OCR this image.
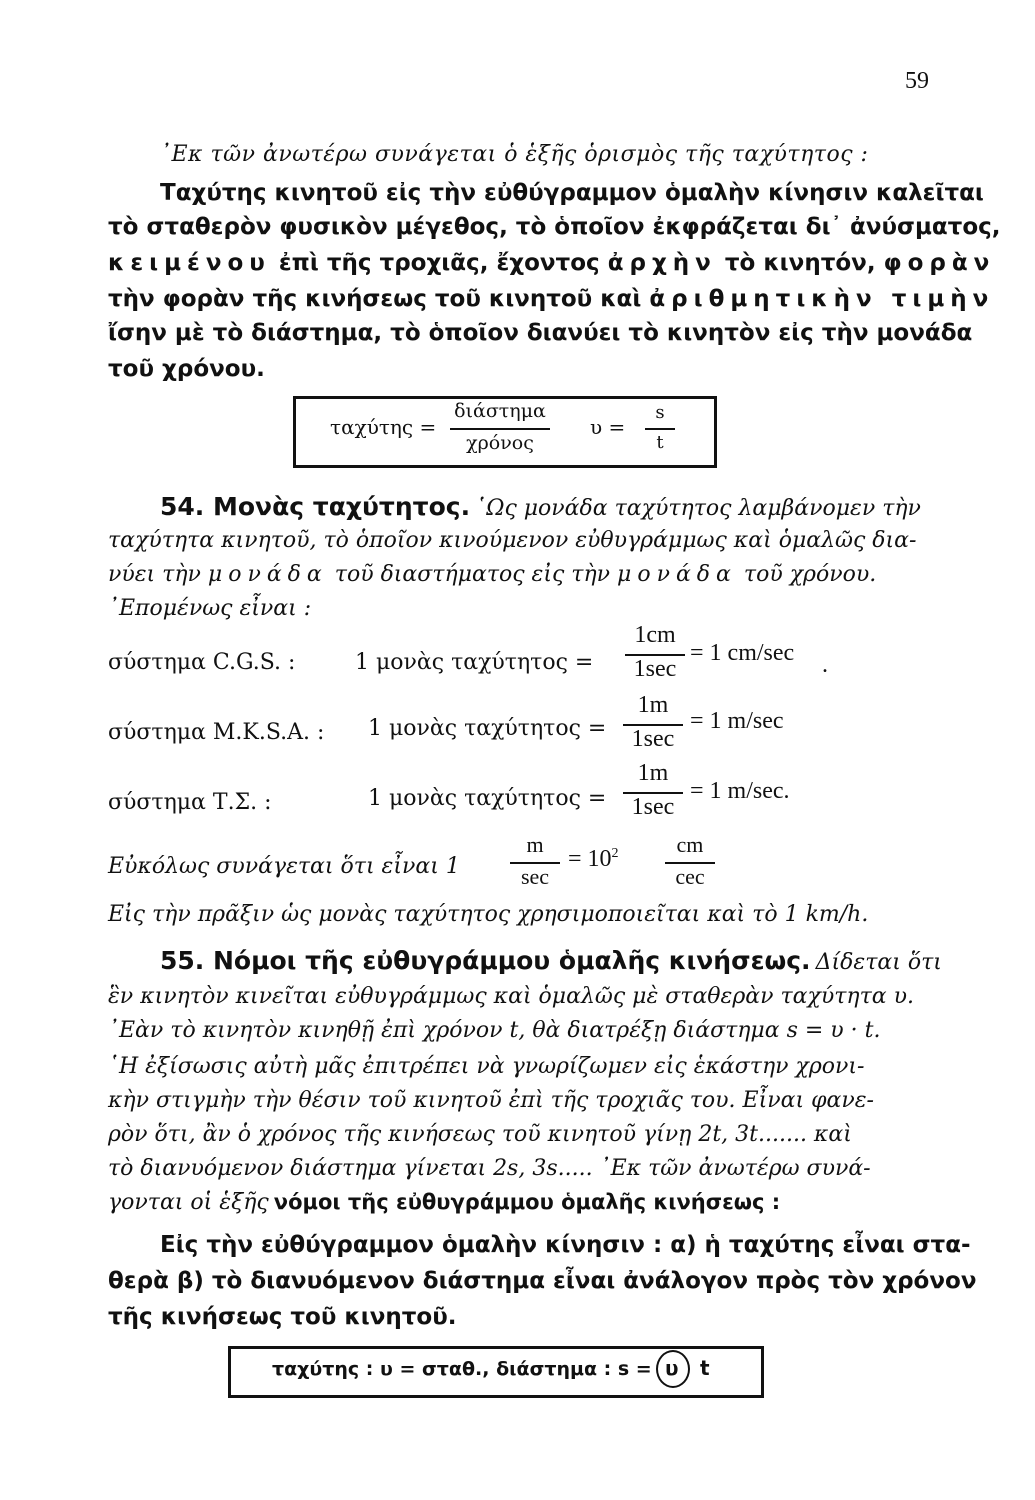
59
᾽Εκ τῶν ἀνωτέρω συνάγεται ὁ ἑξῆς ὁρισμὸς τῆς ταχύτητος :
Ταχύτης κινητοῦ εἰς τὴν εὐθύγραμμον ὁμαλὴν κίνησιν καλεῖται
τὸ σταθερὸν φυσικὸν μέγεθος, τὸ ὁποῖον ἐκφράζεται δι᾽ ἀνύσματος,
κειμένου ἐπὶ τῆς τροχιᾶς, ἔχοντος ἀρχὴν τὸ κινητόν, φορὰν
τὴν φορὰν τῆς κινήσεως τοῦ κινητοῦ καὶ ἀριθμητικὴν τιμὴν
ἴσην μὲ τὸ διάστημα, τὸ ὁποῖον διανύει τὸ κινητὸν εἰς τὴν μονάδα
τοῦ χρόνου.
ταχύτης =
διάστημα
χρόνος
υ =
s
t
54. Μονὰς ταχύτητος. ῾Ως μονάδα ταχύτητος λαμβάνομεν τὴν
ταχύτητα κινητοῦ, τὸ ὁποῖον κινούμενον εὐθυγράμμως καὶ ὁμαλῶς δια-
νύει τὴν μονάδα τοῦ διαστήματος εἰς τὴν μονάδα τοῦ χρόνου.
᾽Επομένως εἶναι :
σύστημα C.G.S. :	1 μονὰς ταχύτητος =
1cm
1sec
= 1 cm/sec .
σύστημα M.K.S.A. : 1 μονὰς ταχύτητος =
1m
1sec
= 1 m/sec
σύστημα Τ.Σ. :	1 μονὰς ταχύτητος =
1m
1sec
= 1 m/sec.
Εὐκόλως συνάγεται ὅτι εἶναι 1
m
sec
= $10^2$	cm
cec
Εἰς τὴν πρᾶξιν ὡς μονὰς ταχύτητος χρησιμοποιεῖται καὶ τὸ 1 km/h.
55. Νόμοι τῆς εὐθυγράμμου ὁμαλῆς κινήσεως. Δίδεται ὅτι
ἓν κινητὸν κινεῖται εὐθυγράμμως καὶ ὁμαλῶς μὲ σταθερὰν ταχύτητα υ.
᾽Εὰν τὸ κινητὸν κινηθῇ ἐπὶ χρόνον t, θὰ διατρέξῃ διάστημα s = υ · t.
῾Η ἐξίσωσις αὐτὴ μᾶς ἐπιτρέπει νὰ γνωρίζωμεν εἰς ἑκάστην χρονι-
κὴν στιγμὴν τὴν θέσιν τοῦ κινητοῦ ἐπὶ τῆς τροχιᾶς του. Εἶναι φανε-
ρὸν ὅτι, ἂν ὁ χρόνος τῆς κινήσεως τοῦ κινητοῦ γίνῃ 2t, 3t....... καὶ
τὸ διανυόμενον διάστημα γίνεται 2s, 3s..... ᾽Εκ τῶν ἀνωτέρω συνά-
γονται οἱ ἑξῆς νόμοι τῆς εὐθυγράμμου ὁμαλῆς κινήσεως :
Εἰς τὴν εὐθύγραμμον ὁμαλὴν κίνησιν : α) ἡ ταχύτης εἶναι στα-
θερὰ β) τὸ διανυόμενον διάστημα εἶναι ἀνάλογον πρὸς τὸν χρόνον
τῆς κινήσεως τοῦ κινητοῦ.
ταχύτης : υ = σταθ., διάστημα : s = υ t
